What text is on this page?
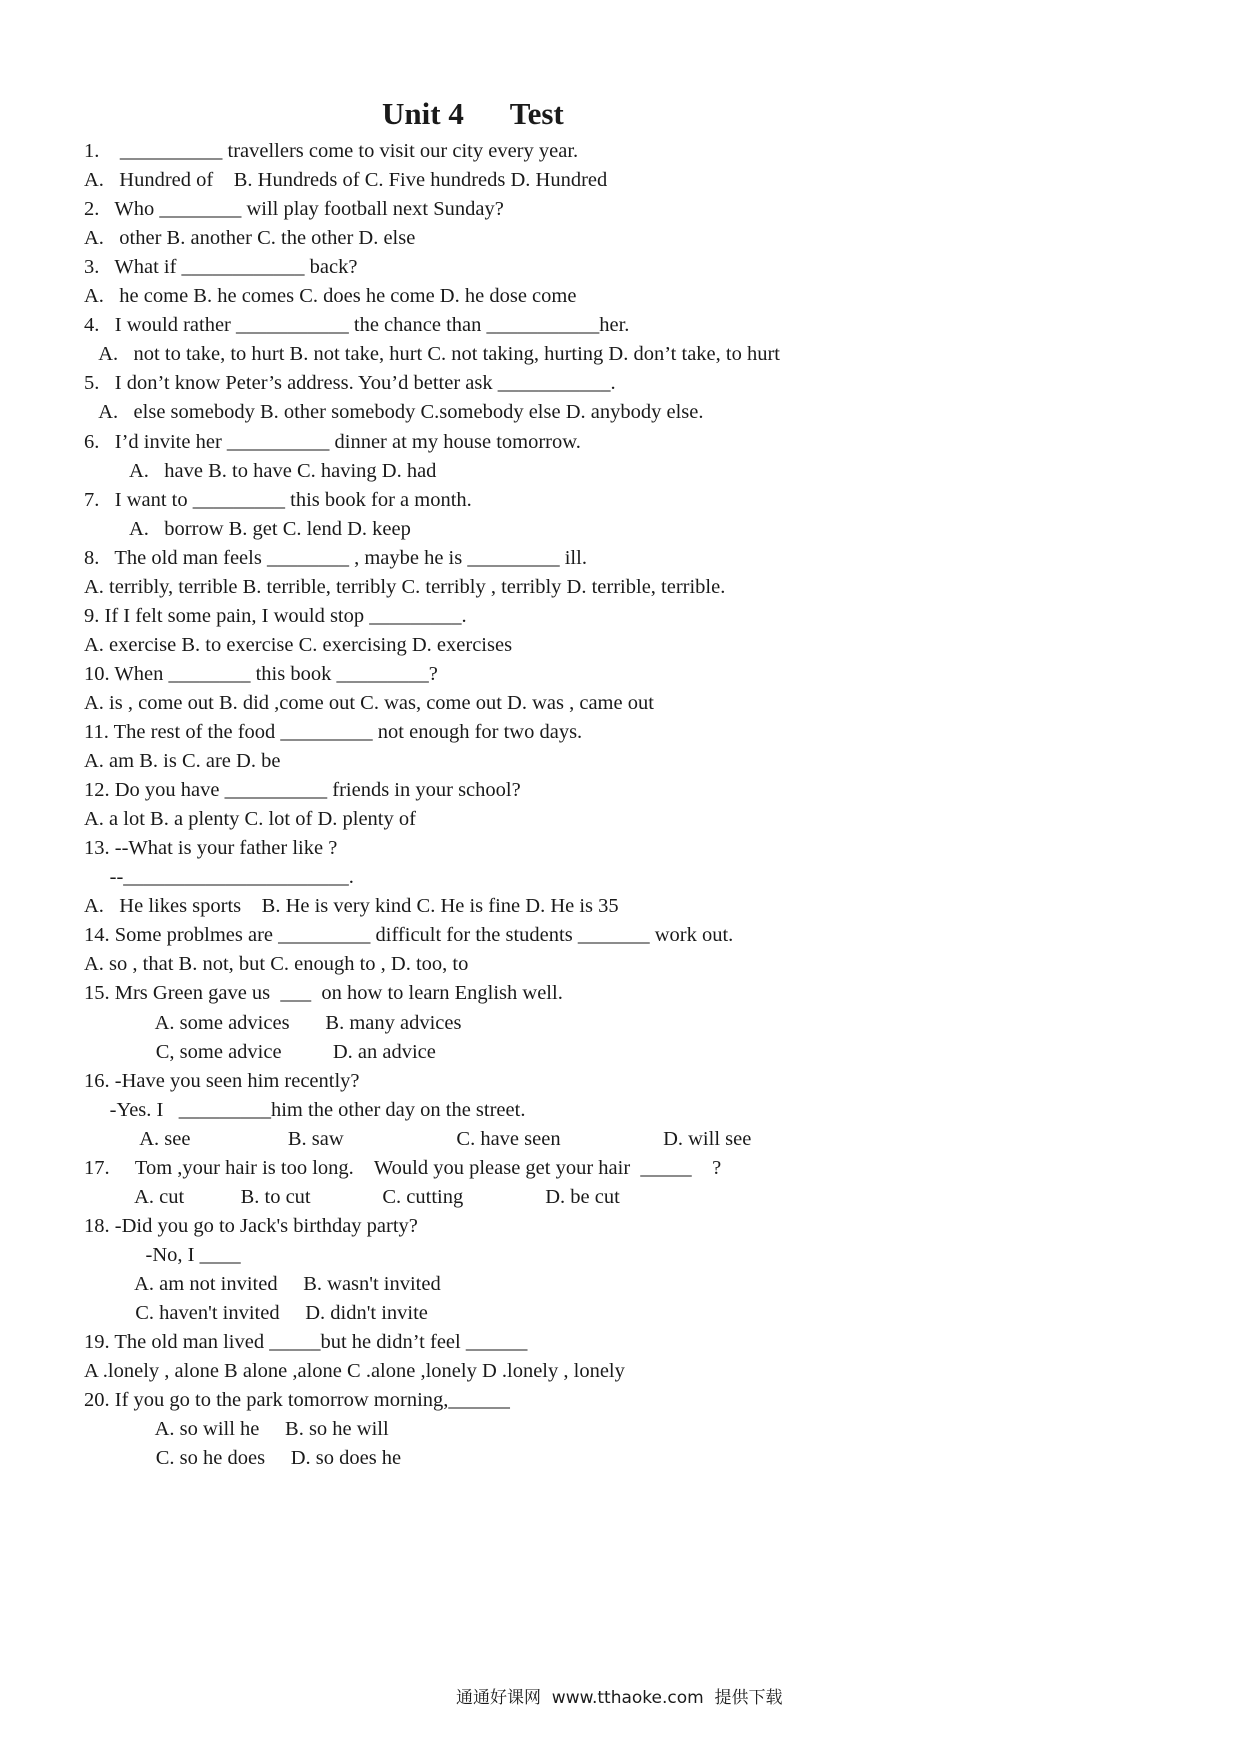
Unit 4      Test
1.    __________ travellers come to visit our city every year.
A.   Hundred of    B. Hundreds of C. Five hundreds D. Hundred
2.   Who ________ will play football next Sunday?
A.   other B. another C. the other D. else
3.   What if ____________ back?
A.   he come B. he comes C. does he come D. he dose come
4.   I would rather ___________ the chance than ___________her.
A.   not to take, to hurt B. not take, hurt C. not taking, hurting D. don’t take, to hurt
5.   I don’t know Peter’s address. You’d better ask ___________.
A.   else somebody B. other somebody C.somebody else D. anybody else.
6.   I’d invite her __________ dinner at my house tomorrow.
A.   have B. to have C. having D. had
7.   I want to _________ this book for a month.
A.   borrow B. get C. lend D. keep
8.   The old man feels ________ , maybe he is _________ ill.
A. terribly, terrible B. terrible, terribly C. terribly , terribly D. terrible, terrible.
9. If I felt some pain, I would stop _________.
A. exercise B. to exercise C. exercising D. exercises
10. When ________ this book _________?
A. is , come out B. did ,come out C. was, come out D. was , came out
11. The rest of the food _________ not enough for two days.
A. am B. is C. are D. be
12. Do you have __________ friends in your school?
A. a lot B. a plenty C. lot of D. plenty of
13. --What is your father like ?
--______________________.
A.   He likes sports    B. He is very kind C. He is fine D. He is 35
14. Some problmes are _________ difficult for the students _______ work out.
A. so , that B. not, but C. enough to , D. too, to
15. Mrs Green gave us  ___  on how to learn English well.
A. some advices       B. many advices
C, some advice          D. an advice
16. -Have you seen him recently?
-Yes. I   _________him the other day on the street.
A. see                   B. saw                      C. have seen                    D. will see
17.     Tom ,your hair is too long.    Would you please get your hair  _____    ?
A. cut           B. to cut              C. cutting                D. be cut
18. -Did you go to Jack's birthday party?
-No, I ____
A. am not invited     B. wasn't invited
C. haven't invited     D. didn't invite
19. The old man lived _____but he didn’t feel ______
A .lonely , alone B alone ,alone C .alone ,lonely D .lonely , lonely
20. If you go to the park tomorrow morning,______
A. so will he     B. so he will
C. so he does     D. so does he
通通好课网  www.tthaoke.com  提供下载
